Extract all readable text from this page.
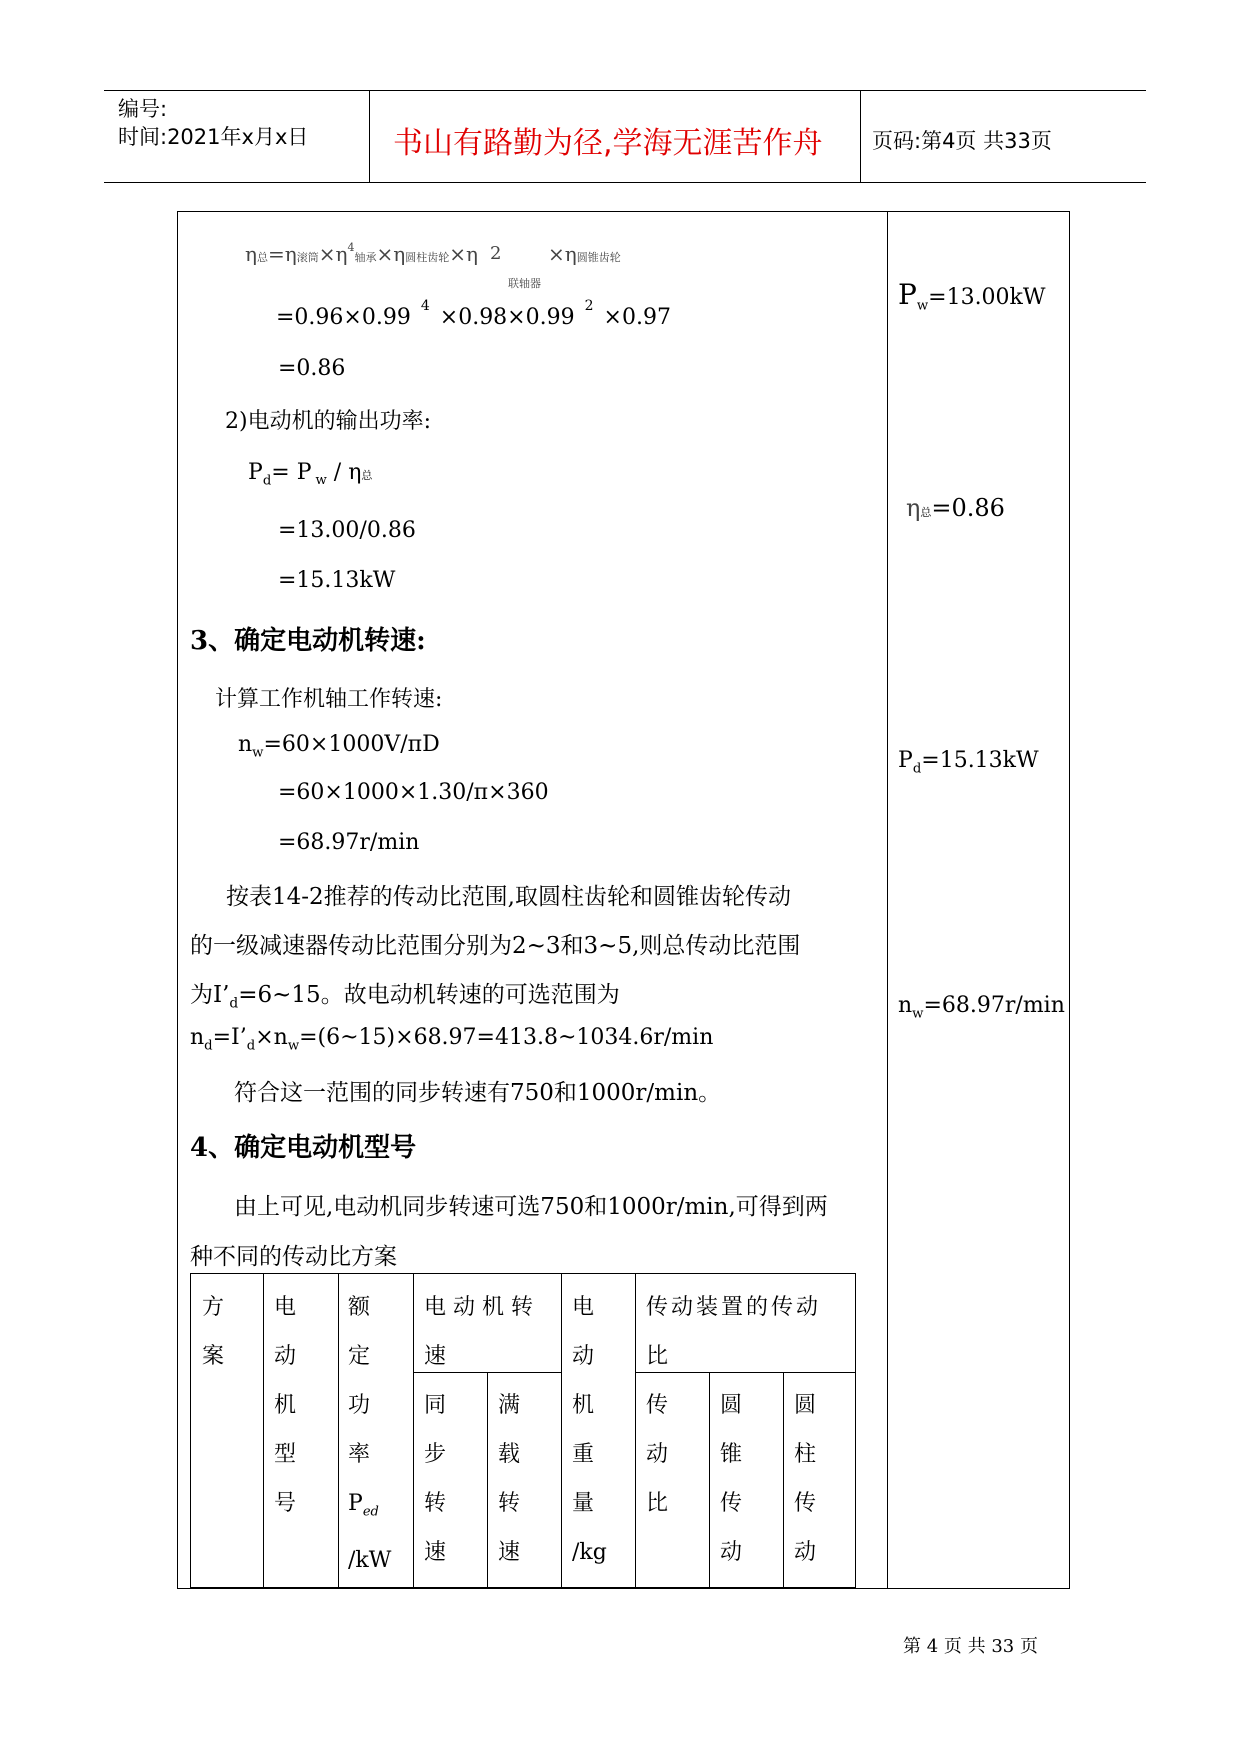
编号:
时间:2021年x月x日	书山有路勤为径,学海无涯苦作舟 页码:第4页 共33页
η总=η滚筒$\times\eta^4$轴承×η圆柱齿轮×η 2
联轴器
×η圆锥齿轮
=0.96×0.99 $^4$ ×0.98×0.99 $^2$ ×0.97
=0.86
2)电动机的输出功率:
$P_d= P$ $_w$ / η总
=13.00/0.86
=15.13kW
3、确定电动机转速:
计算工作机轴工作转速:
$n_w=60\times 1000V/\pi D$
=60×1000×1.30/π×360
=68.97r/min
按表14-2推荐的传动比范围,取圆柱齿轮和圆锥齿轮传动
的一级减速器传动比范围分别为2~3和3~5,则总传动比范围
为$I’_d=6\sim 15$。故电动机转速的可选范围为
$n_d=I’_d\times n_w=(6\sim 15)\times 68.97=413.8\sim 1034.6r/\min$
符合这一范围的同步转速有750和1000r/min。
4、确定电动机型号
由上可见,电动机同步转速可选750和1000r/min,可得到两
种不同的传动比方案
$P_w=13.00kW$
η总=0.86
$P_d=15.13kW$
$n_w=68.97r/\min$
方
案
电
动
机
型
号
额
定
功
率
$P_{ed}$
/kW
电 动 机 转
速
同
步
转
速
满
载
转
速
电
动
机
重
量
/kg
传动装置的传动
比
传
动
比
圆
锥
传
动
圆
柱
传
动
第 4 页 共 33 页
